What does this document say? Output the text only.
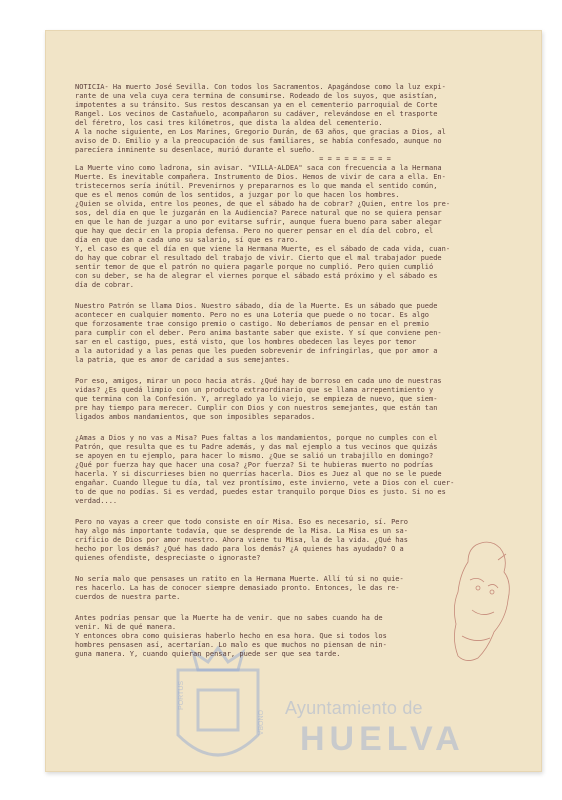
PORTUS
ONOBA
Ayuntamiento de
HUELVA
NOTICIA- Ha muerto José Sevilla. Con todos los Sacramentos. Apagándose como la luz expi-
rante de una vela cuya cera termina de consumirse. Rodeado de los suyos, que asistían,
impotentes a su tránsito. Sus restos descansan ya en el cementerio parroquial de Corte
Rangel. Los vecinos de Castañuelo, acompañaron su cadáver, relevándose en el trasporte
del féretro, los casi tres kilómetros, que dista la aldea del cementerio.
A la noche siguiente, en Los Marines, Gregorio Durán, de 63 años, que gracias a Dios, al
aviso de D. Emilio y a la preocupación de sus familiares, se había confesado, aunque no
parecíera inminente su desenlace, murió durante el sueño.
= = = = = = = = =
La Muerte vino como ladrona, sin avisar. "VILLA-ALDEA" saca con frecuencia a la Hermana
Muerte. Es inevitable compañera. Instrumento de Dios. Hemos de vivir de cara a ella. En-
tristecernos sería inútil. Prevenirnos y prepararnos es lo que manda el sentido común,
que es el menos común de los sentidos, a juzgar por lo que hacen los hombres.
¿Quien se olvida, entre los peones, de que el sábado ha de cobrar? ¿Quien, entre los pre-
sos, del día en que le juzgarán en la Audiencia? Parece natural que no se quiera pensar
en que le han de juzgar a uno por evitarse sufrir, aunque fuera bueno para saber alegar
que hay que decir en la propia defensa. Pero no querer pensar en el día del cobro, el
día en que dan a cada uno su salario, sí que es raro.
Y, el caso es que el día en que viene la Hermana Muerte, es el sábado de cada vida, cuan-
do hay que cobrar el resultado del trabajo de vivir. Cierto que el mal trabajador puede
sentir temor de que el patrón no quiera pagarle porque no cumplió. Pero quien cumplió
con su deber, se ha de alegrar el viernes porque el sábado está próximo y el sábado es
día de cobrar.
Nuestro Patrón se llama Dios. Nuestro sábado, día de la Muerte. Es un sábado que puede
acontecer en cualquier momento. Pero no es una Lotería que puede o no tocar. Es algo
que forzosamente trae consigo premio o castigo. No deberíamos de pensar en el premio
para cumplir con el deber. Pero anima bastante saber que existe. Y sí que conviene pen-
sar en el castigo, pues, está visto, que los hombres obedecen las leyes por temor
a la autoridad y a las penas que les pueden sobrevenir de infringirlas, que por amor a
la patria, que es amor de caridad a sus semejantes.
Por eso, amigos, mirar un poco hacia atrás. ¿Qué hay de borroso en cada uno de nuestras
vidas? ¿Es quedá limpio con un producto extraordinario que se llama arrepentimiento y
que termina con la Confesión. Y, arreglado ya lo viejo, se empieza de nuevo, que siem-
pre hay tiempo para merecer. Cumplir con Dios y con nuestros semejantes, que están tan
ligados ambos mandamientos, que son imposibles separados.
¿Amas a Dios y no vas a Misa? Pues faltas a los mandamientos, porque no cumples con el
Patrón, que resulta que es tu Padre además, y das mal ejemplo a tus vecinos que quizás
se apoyen en tu ejemplo, para hacer lo mismo. ¿Que se salió un trabajillo en domingo?
¿Qué por fuerza hay que hacer una cosa? ¿Por fuerza? Si te hubieras muerto no podrías
hacerla. Y si discurrieses bien no querrías hacerla. Dios es Juez al que no se le puede
engañar. Cuando llegue tu día, tal vez prontísimo, este invierno, vete a Dios con el cuer-
to de que no podías. Si es verdad, puedes estar tranquilo porque Dios es justo. Si no es
verdad....
Pero no vayas a creer que todo consiste en oír Misa. Eso es necesario, sí. Pero
hay algo más importante todavía, que se desprende de la Misa. La Misa es un sa-
crificio de Dios por amor nuestro. Ahora viene tu Misa, la de la vida. ¿Qué has
hecho por los demás? ¿Qué has dado para los demás? ¿A quienes has ayudado? O a
quienes ofendiste, despreciaste o ignoraste?
No sería malo que pensases un ratito en la Hermana Muerte. Allí tú si no quie-
res hacerlo. La has de conocer siempre demasiado pronto. Entonces, le das re-
cuerdos de nuestra parte.
Antes podrías pensar que la Muerte ha de venir. que no sabes cuando ha de
venir. Ni de qué manera.
Y entonces obra como quisieras haberlo hecho en esa hora. Que si todos los
hombres pensasen así, acertarían. Lo malo es que muchos no piensan de nin-
guna manera. Y, cuando quieran pensar, puede ser que sea tarde.
